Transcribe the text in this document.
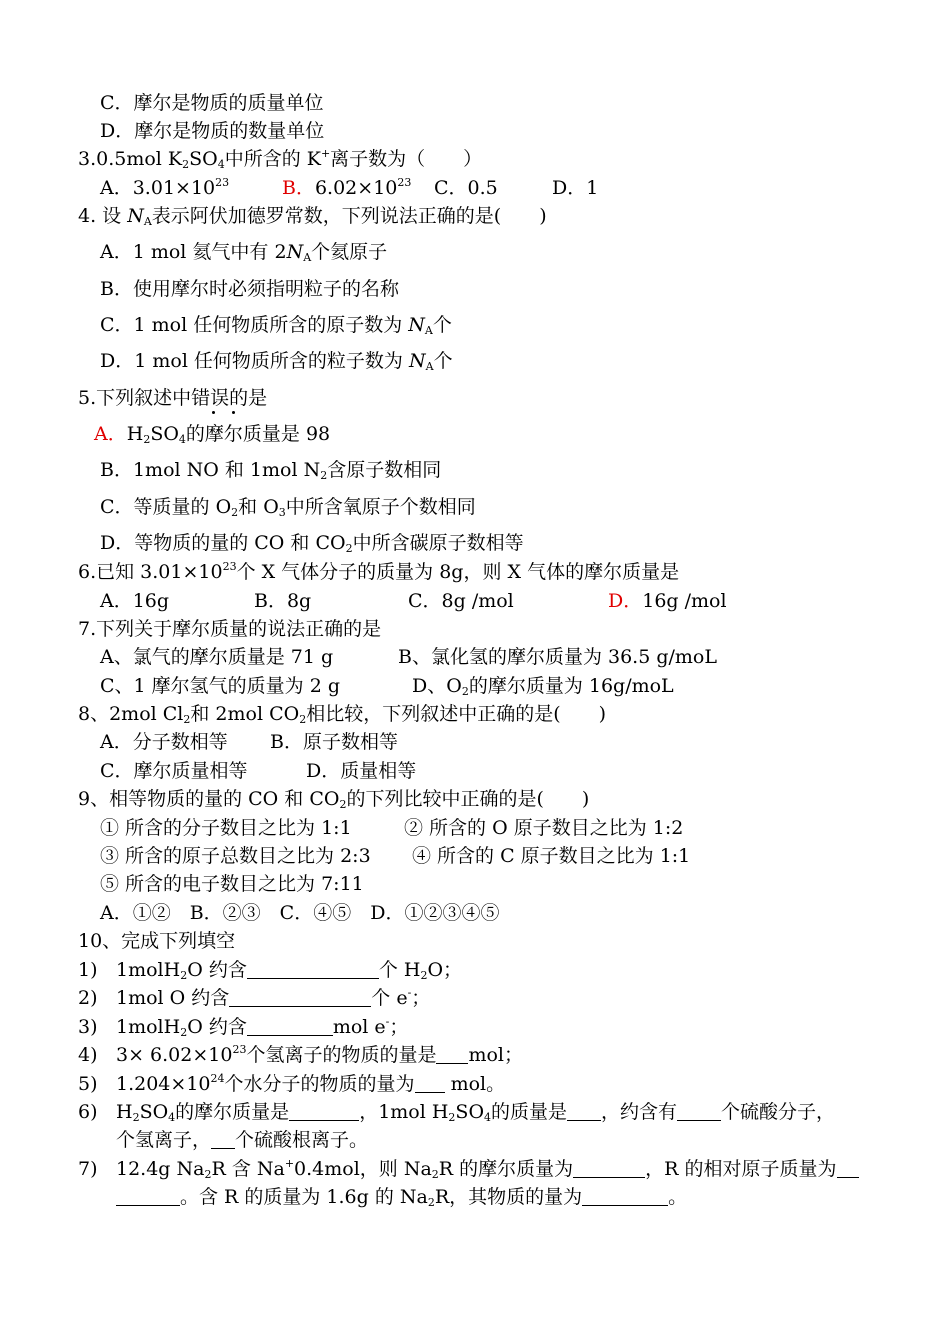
C．摩尔是物质的质量单位
D．摩尔是物质的数量单位
3.0.5mol $K_2SO_4$中所含的 K+离子数为（　　）
A．$3.01\times 10^{23}$	B．$6.02\times 10^{23}$ C．0.5	D．1
4. 设 $N_A$表示阿伏加德罗常数，下列说法正确的是(　　)
A．1 mol 氦气中有 $2N_A$个氦原子
B．使用摩尔时必须指明粒子的名称
C．1 mol 任何物质所含的原子数为 $N_A$个
D．1 mol 任何物质所含的粒子数为 $N_A$个
5.下列叙述中错误的是
A．$H_2SO_4$的摩尔质量是 98
B．1mol NO 和 1mol $N_2$含原子数相同
C．等质量的 $O_2$和 $O_3$中所含氧原子个数相同
D．等物质的量的 CO 和 $CO_2$中所含碳原子数相等
6.已知 $3.01\times 10^{23}$个 X 气体分子的质量为 8g，则 X 气体的摩尔质量是
A．16g	B．8g	C．8g /mol	D．16g /mol
7.下列关于摩尔质量的说法正确的是
A、氯气的摩尔质量是 71 g	B、氯化氢的摩尔质量为 36.5 g/moL
C、1 摩尔氢气的质量为 2 g	D、$O_2$的摩尔质量为 16g/moL
8、2mol $Cl_2$和 2mol $CO_2$相比较，下列叙述中正确的是(　　)
A．分子数相等 B．原子数相等
C．摩尔质量相等	D．质量相等
9、相等物质的量的 CO 和 $CO_2$的下列比较中正确的是(　　)
① 所含的分子数目之比为 1:1	② 所含的 O 原子数目之比为 1:2
③ 所含的原子总数目之比为 2:3 ④ 所含的 C 原子数目之比为 1:1
⑤ 所含的电子数目之比为 7:11
A．①②　B．②③　C．④⑤　D．①②③④⑤
10、完成下列填空
1) 1molH$_2$O 约含	个 $H_2O$；
2) 1mol O 约含	个 e-；
3) 1molH$_2$O 约含	mol e-；
4) $3\times 6.02\times 10^{23}$个氢离子的物质的量是 mol；
5) $1.204\times 10^{24}$个水分子的物质的量为 mol。
6) $H_2SO_4$的摩尔质量是	，1mol $H_2SO_4$的质量是 ，约含有 个硫酸分子，
个氢离子， 个硫酸根离子。
7) 12.4g $Na_2R$ 含 Na+0.4mol，则 $Na_2R$ 的摩尔质量为	，R 的相对原子质量为
。含 R 的质量为 1.6g 的 $Na_2R$，其物质的量为	。
